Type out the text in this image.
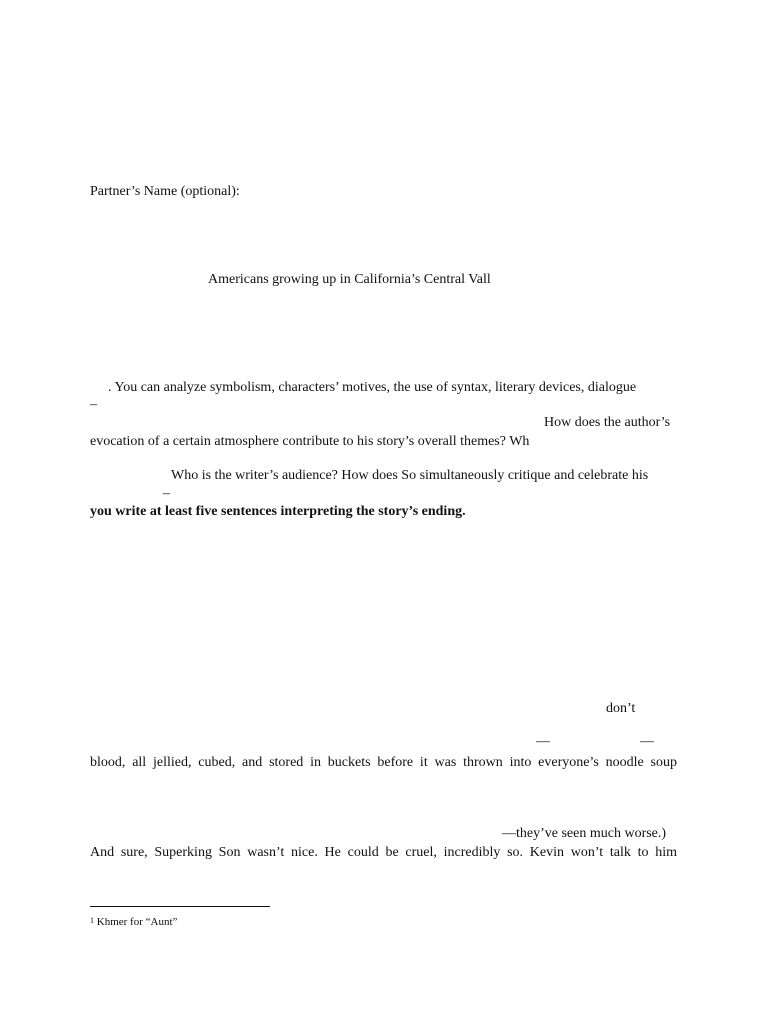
Partner’s Name (optional):
Americans growing up in California’s Central Vall
. You can analyze symbolism, characters’ motives, the use of syntax, literary devices, dialogue
–
How does the author’s
evocation of a certain atmosphere contribute to his story’s overall themes? Wh
Who is the writer’s audience? How does So simultaneously critique and celebrate his
–
you write at least five sentences interpreting the story’s ending.
don’t
—	—
blood, all jellied, cubed, and stored in buckets before it was thrown into everyone’s noodle soup
—they’ve seen much worse.)
And sure, Superking Son wasn’t nice. He could be cruel, incredibly so. Kevin won’t talk to him
$^1$ Khmer for “Aunt”
